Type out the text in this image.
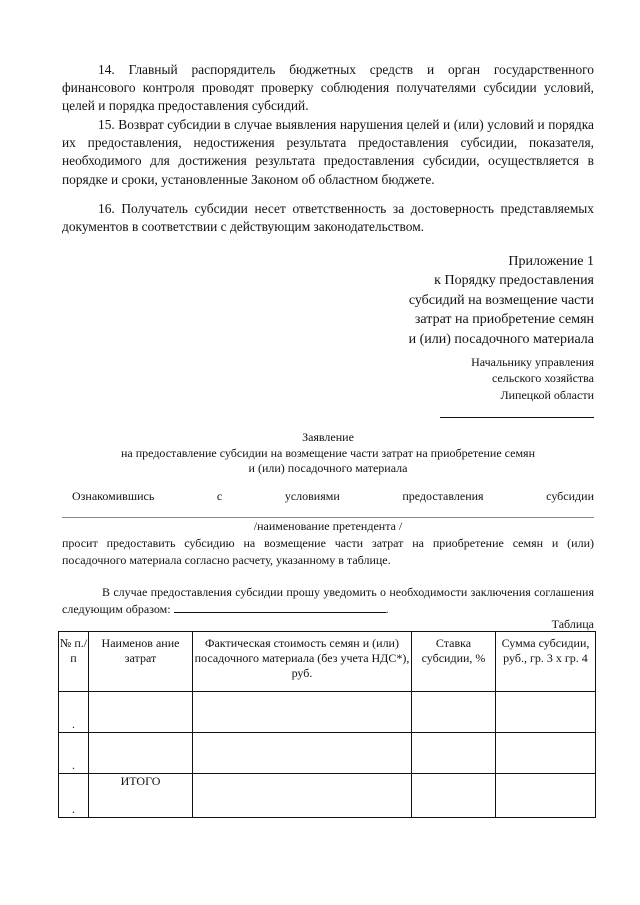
14. Главный распорядитель бюджетных средств и орган государственного финансового контроля проводят проверку соблюдения получателями субсидии условий, целей и порядка предоставления субсидий.
15. Возврат субсидии в случае выявления нарушения целей и (или) условий и порядка их предоставления, недостижения результата предоставления субсидии, показателя, необходимого для достижения результата предоставления субсидии, осуществляется в порядке и сроки, установленные Законом об областном бюджете.
16. Получатель субсидии несет ответственность за достоверность представляемых документов в соответствии с действующим законодательством.
Приложение 1
к Порядку предоставления
субсидий на возмещение части
затрат на приобретение семян
и (или) посадочного материала
Начальнику управления
сельского хозяйства
Липецкой области
Заявление
на предоставление субсидии на возмещение части затрат на приобретение семян
и (или) посадочного материала
Ознакомившись	с	условиями	предоставления	субсидии
/наименование претендента /
просит предоставить субсидию на возмещение части затрат на приобретение семян и (или) посадочного материала согласно расчету, указанному в таблице.
В случае предоставления субсидии прошу уведомить о необходимости заключения соглашения следующим образом:	.
Таблица
№ п./п	Наименов ание затрат	Фактическая стоимость семян и (или) посадочного материала (без учета НДС*), руб.	Ставка субсидии, %	Сумма субсидии, руб., гр. 3 х гр. 4
.				
.				
.	ИТОГО			
